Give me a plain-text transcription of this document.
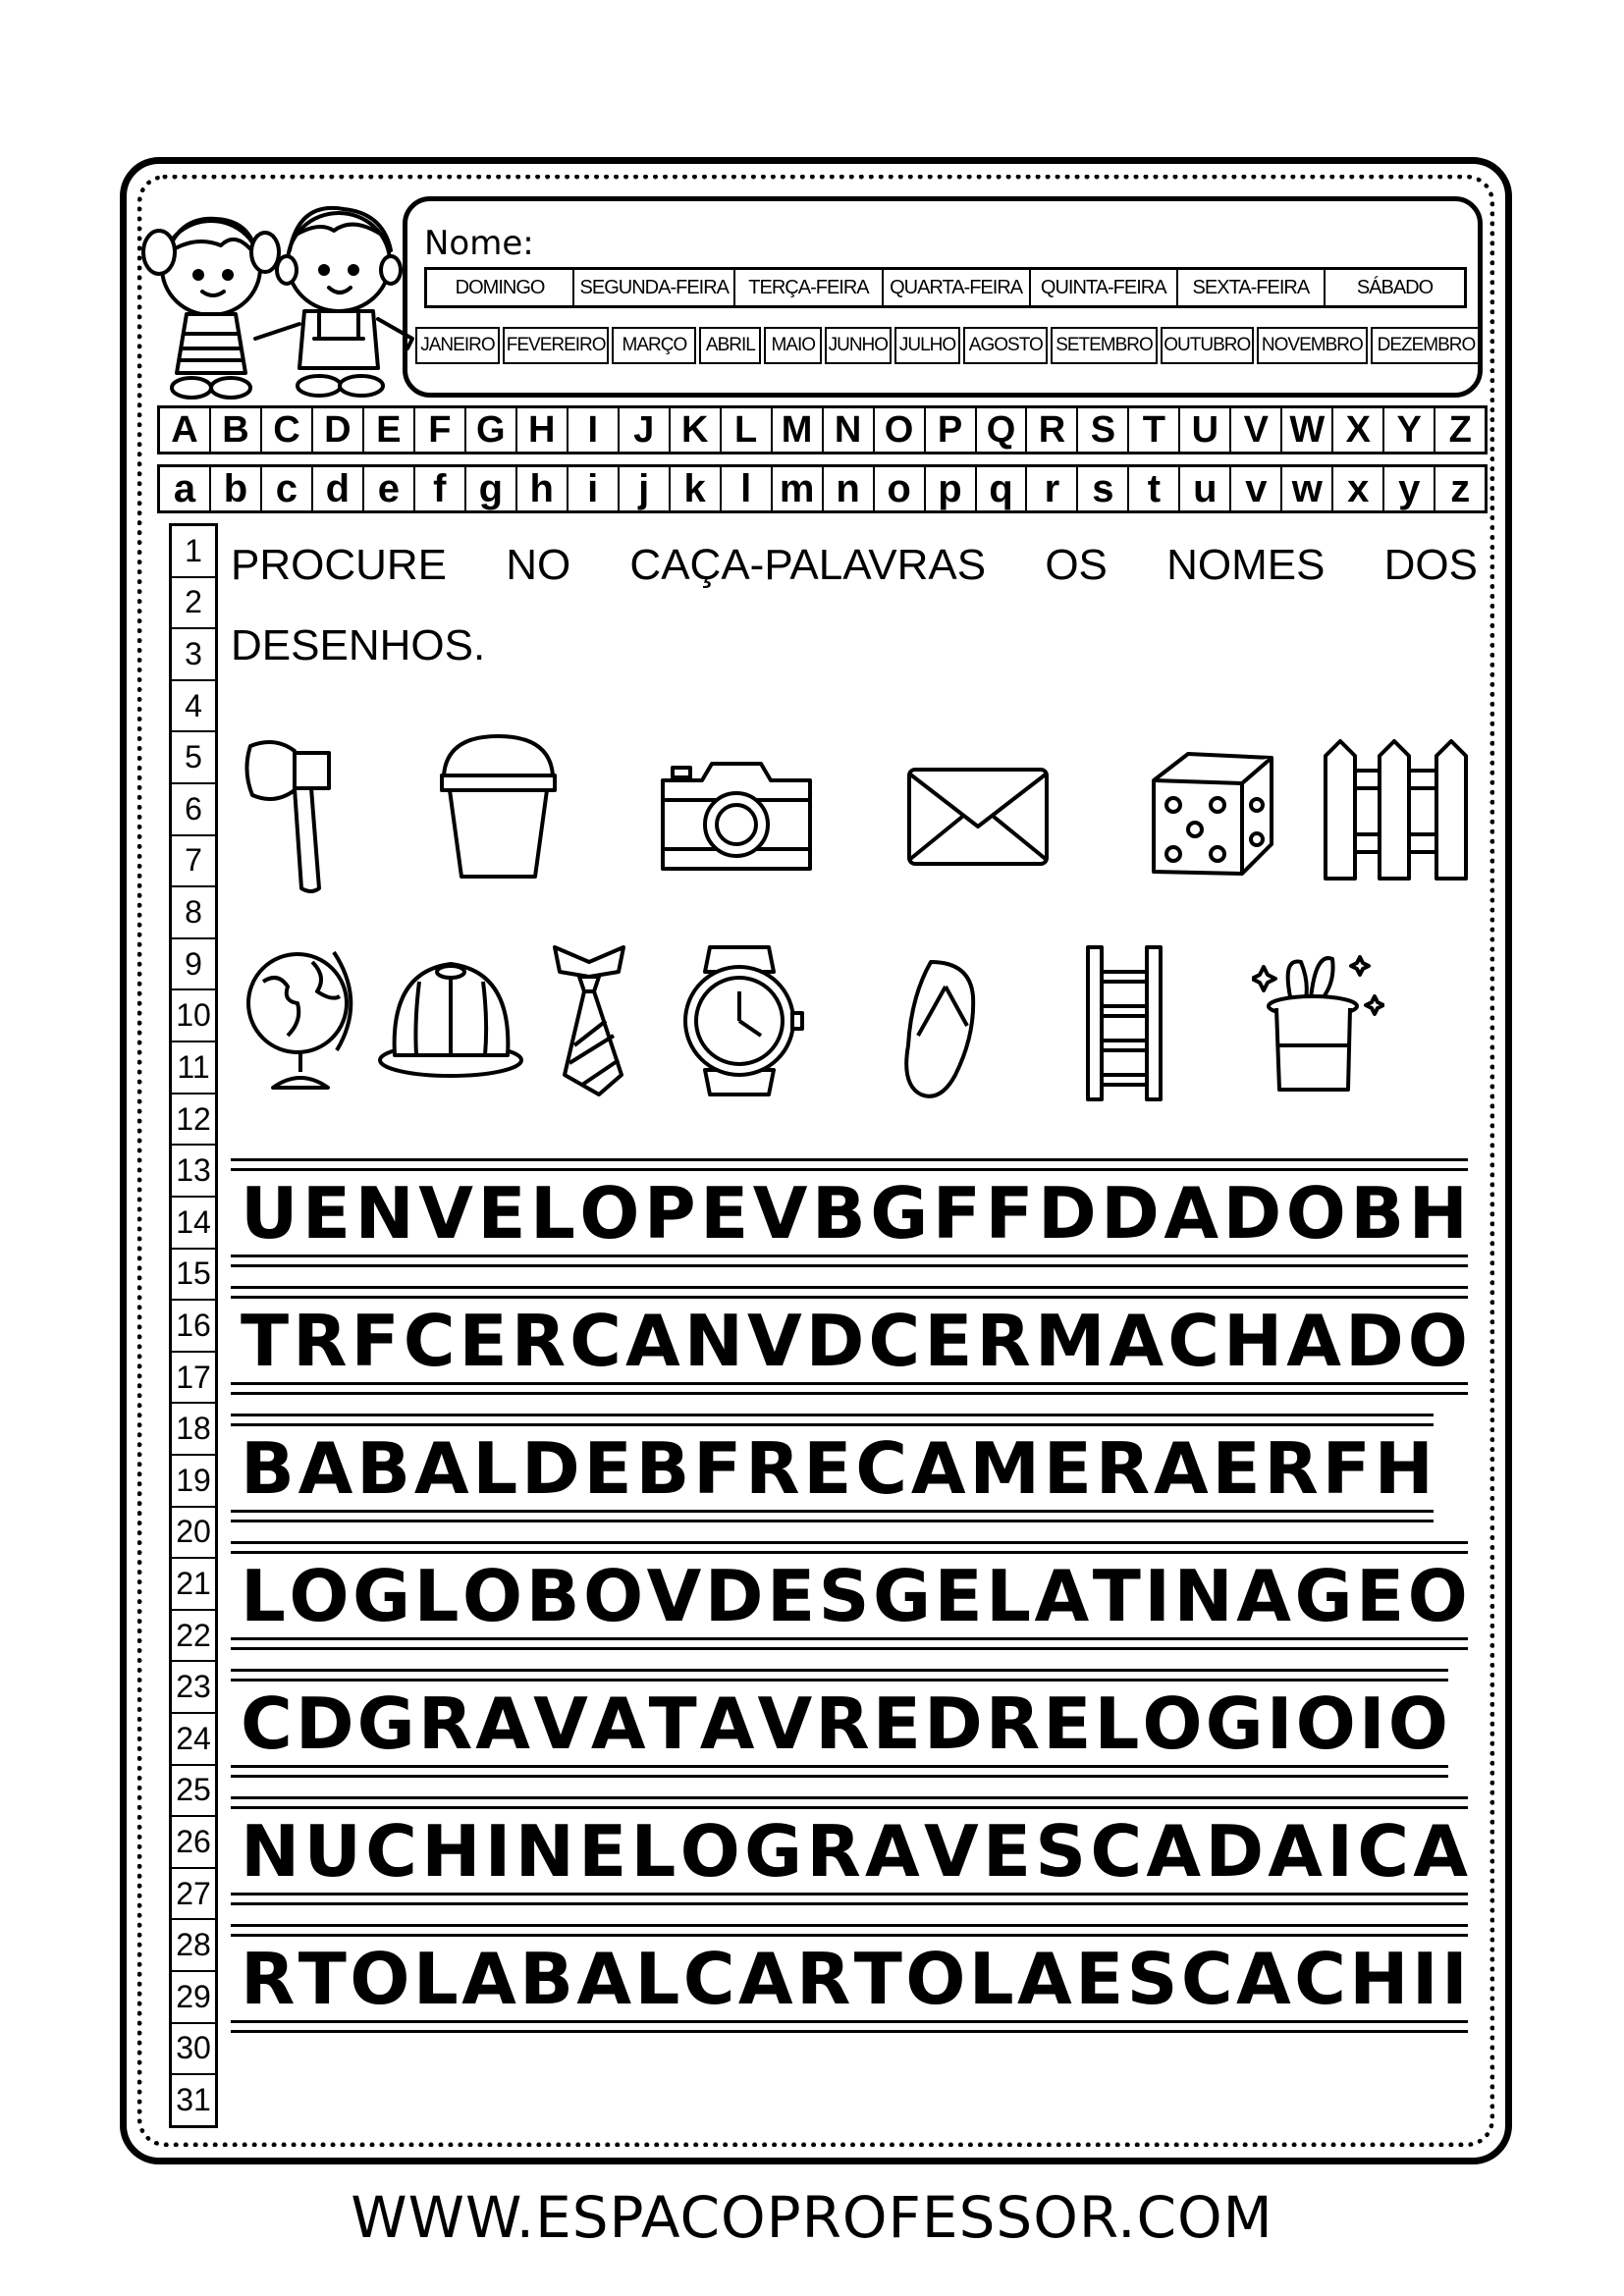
Nome:
DOMINGO	SEGUNDA-FEIRA	TERÇA-FEIRA	QUARTA-FEIRA QUINTA-FEIRA	SEXTA-FEIRA	SÁBADO
JANEIRO FEVEREIRO MARÇO	ABRIL MAIO JUNHO JULHO AGOSTO SETEMBRO OUTUBRO NOVEMBRO DEZEMBRO
A B C D E F G H I J K L M N O P Q R S T U V W X Y Z
a b c d e f g h i	j k l m n o p q r s t u v w x y z
1
2
3
4
5
6
7
8
9
10
11
12
13
14
15
16
17
18
19
20
21
22
23
24
25
26
27
28
29
30
31
PROCURE NO CAÇA-PALAVRAS OS NOMES DOS DESENHOS.
U E N V E L O P E V B G F F D D A D O B H
T R F C E R C A N V D C E R M A C H A D O
B A B A L D E B F R E C A M E R A E R F H
L O G L O B O V D E S G E L A T I N A G E O
C D G R A V A T A V R E D R E L O G I O I O
N U C H I N E L O G R A V E S C A D A I C A
R T O L A B A L C A R T O L A E S C A C H I I
WWW.ESPACOPROFESSOR.COM
